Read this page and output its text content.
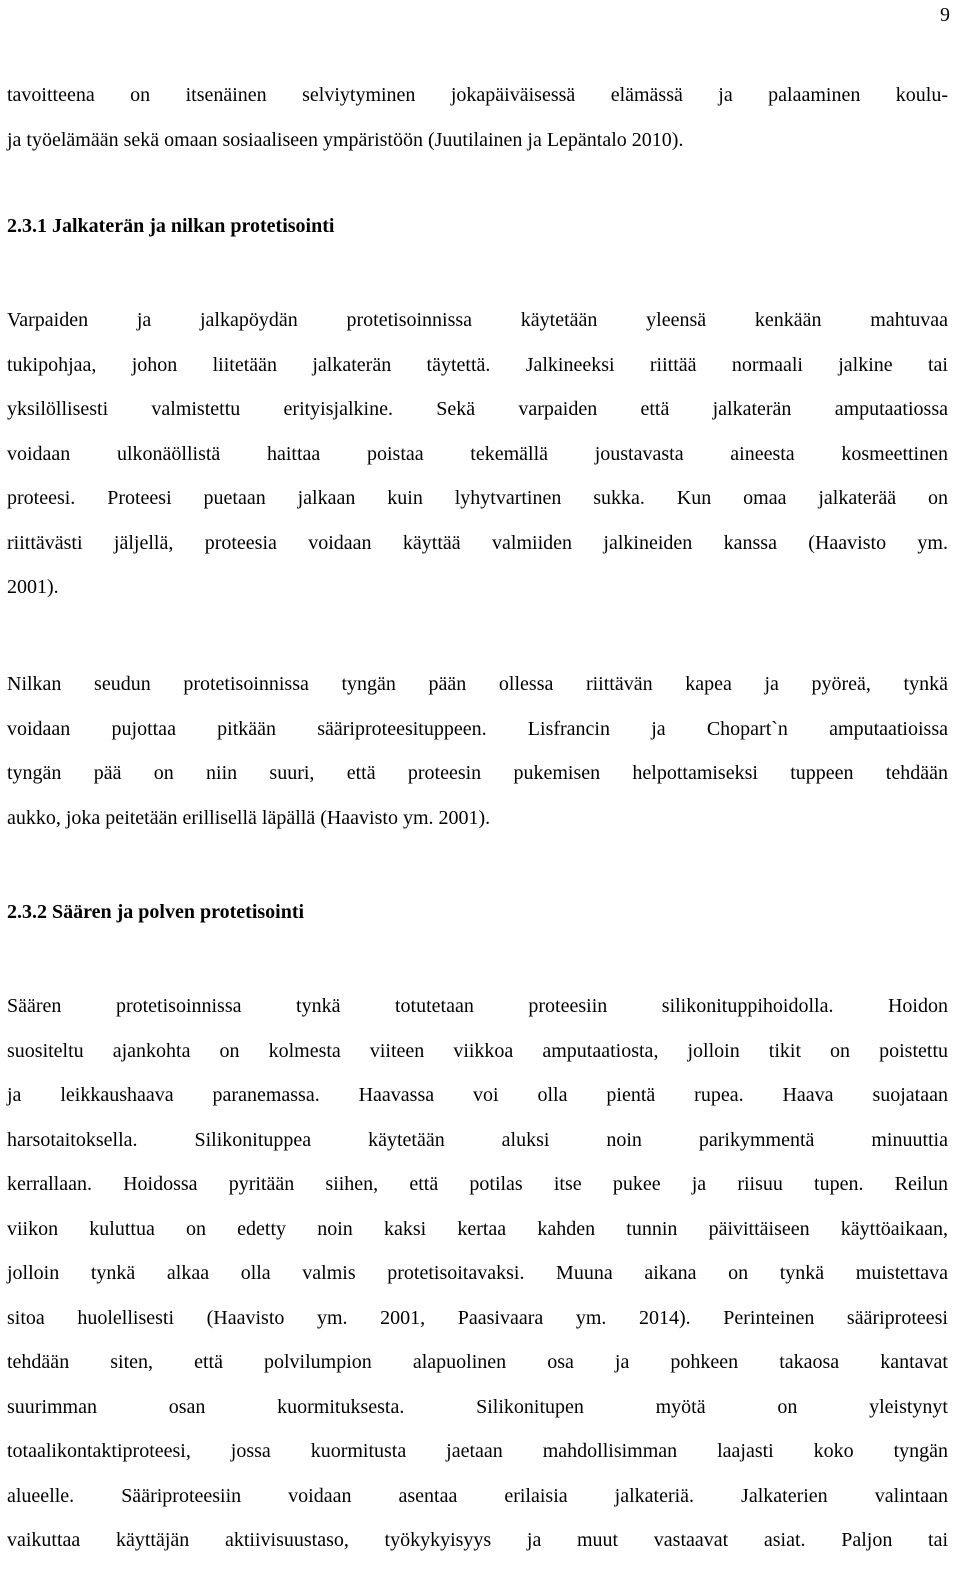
9
tavoitteena on itsenäinen selviytyminen jokapäiväisessä elämässä ja palaaminen koulu-
ja työelämään sekä omaan sosiaaliseen ympäristöön (Juutilainen ja Lepäntalo 2010).
2.3.1 Jalkaterän ja nilkan protetisointi
Varpaiden ja jalkapöydän protetisoinnissa käytetään yleensä kenkään mahtuvaa
tukipohjaa, johon liitetään jalkaterän täytettä. Jalkineeksi riittää normaali jalkine tai
yksilöllisesti valmistettu erityisjalkine. Sekä varpaiden että jalkaterän amputaatiossa
voidaan ulkonäöllistä haittaa poistaa tekemällä joustavasta aineesta kosmeettinen
proteesi. Proteesi puetaan jalkaan kuin lyhytvartinen sukka. Kun omaa jalkaterää on
riittävästi jäljellä, proteesia voidaan käyttää valmiiden jalkineiden kanssa (Haavisto ym.
2001).
Nilkan seudun protetisoinnissa tyngän pään ollessa riittävän kapea ja pyöreä, tynkä
voidaan pujottaa pitkään sääriproteesituppeen. Lisfrancin ja Chopart`n amputaatioissa
tyngän pää on niin suuri, että proteesin pukemisen helpottamiseksi tuppeen tehdään
aukko, joka peitetään erillisellä läpällä (Haavisto ym. 2001).
2.3.2 Säären ja polven protetisointi
Säären protetisoinnissa tynkä totutetaan proteesiin silikonituppihoidolla. Hoidon
suositeltu ajankohta on kolmesta viiteen viikkoa amputaatiosta, jolloin tikit on poistettu
ja leikkaushaava paranemassa. Haavassa voi olla pientä rupea. Haava suojataan
harsotaitoksella. Silikonituppea käytetään aluksi noin parikymmentä minuuttia
kerrallaan. Hoidossa pyritään siihen, että potilas itse pukee ja riisuu tupen. Reilun
viikon kuluttua on edetty noin kaksi kertaa kahden tunnin päivittäiseen käyttöaikaan,
jolloin tynkä alkaa olla valmis protetisoitavaksi. Muuna aikana on tynkä muistettava
sitoa huolellisesti (Haavisto ym. 2001, Paasivaara ym. 2014). Perinteinen sääriproteesi
tehdään siten, että polvilumpion alapuolinen osa ja pohkeen takaosa kantavat
suurimman osan kuormituksesta. Silikonitupen myötä on yleistynyt
totaalikontaktiproteesi, jossa kuormitusta jaetaan mahdollisimman laajasti koko tyngän
alueelle. Sääriproteesiin voidaan asentaa erilaisia jalkateriä. Jalkaterien valintaan
vaikuttaa käyttäjän aktiivisuustaso, työkykyisyys ja muut vastaavat asiat. Paljon tai
